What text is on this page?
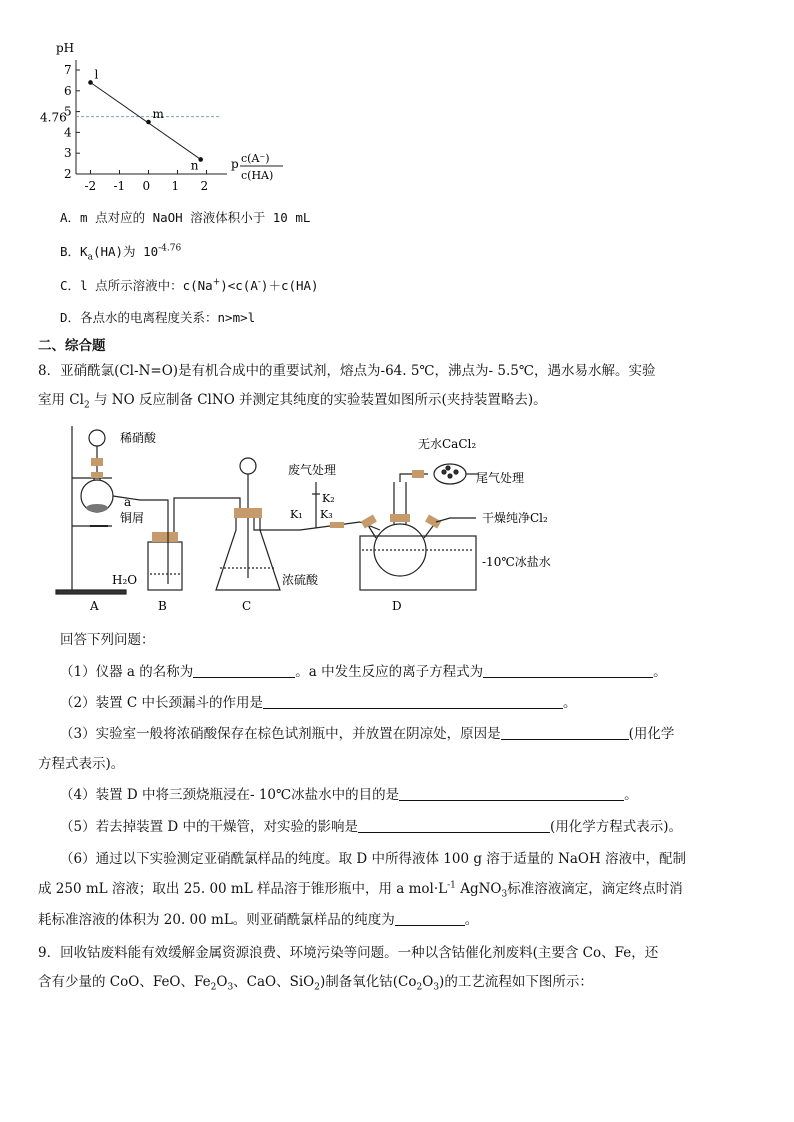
pH
2
3
4
5
6
7
-2 -1 0 1 2
4.76
l
m
n	p c(A⁻)
c(HA)
A．m 点对应的 NaOH 溶液体积小于 10 mL
B．$K_a(HA)$为 $10^{-4.76}$
C．l 点所示溶液中：c(Na+)<c(A-)＋c(HA)
D．各点水的电离程度关系：n>m>l
二、综合题
8．亚硝酰氯(Cl-N=O)是有机合成中的重要试剂，熔点为-64. 5℃，沸点为- 5.5℃，遇水易水解。实验
室用 $Cl_2$ 与 NO 反应制备 ClNO 并测定其纯度的实验装置如图所示(夹持装置略去)。
稀硝酸
a
铜屑
H₂O	浓硫酸
废气处理
K₂
K₁ K₃
无水CaCl₂
尾气处理
干燥纯净Cl₂
-10℃冰盐水
A	B	C	D
回答下列问题：
（1）仪器 a 的名称为	。a 中发生反应的离子方程式为	。
（2）装置 C 中长颈漏斗的作用是	。
（3）实验室一般将浓硝酸保存在棕色试剂瓶中，并放置在阴凉处，原因是	(用化学
方程式表示)。
（4）装置 D 中将三颈烧瓶浸在- 10℃冰盐水中的目的是	。
（5）若去掉装置 D 中的干燥管，对实验的影响是	(用化学方程式表示)。
（6）通过以下实验测定亚硝酰氯样品的纯度。取 D 中所得液体 100 g 溶于适量的 NaOH 溶液中，配制
成 250 mL 溶液；取出 25. 00 mL 样品溶于锥形瓶中，用 a $mol\cdot L^{-1}$ AgNO$_3$标准溶液滴定，滴定终点时消
耗标准溶液的体积为 20. 00 mL。则亚硝酰氯样品的纯度为	。
9．回收钴废料能有效缓解金属资源浪费、环境污染等问题。一种以含钴催化剂废料(主要含 Co、Fe，还
含有少量的 CoO、FeO、$Fe_2O_3$、CaO、SiO$_2$)制备氧化钴$(Co_2O_3)$的工艺流程如下图所示：
